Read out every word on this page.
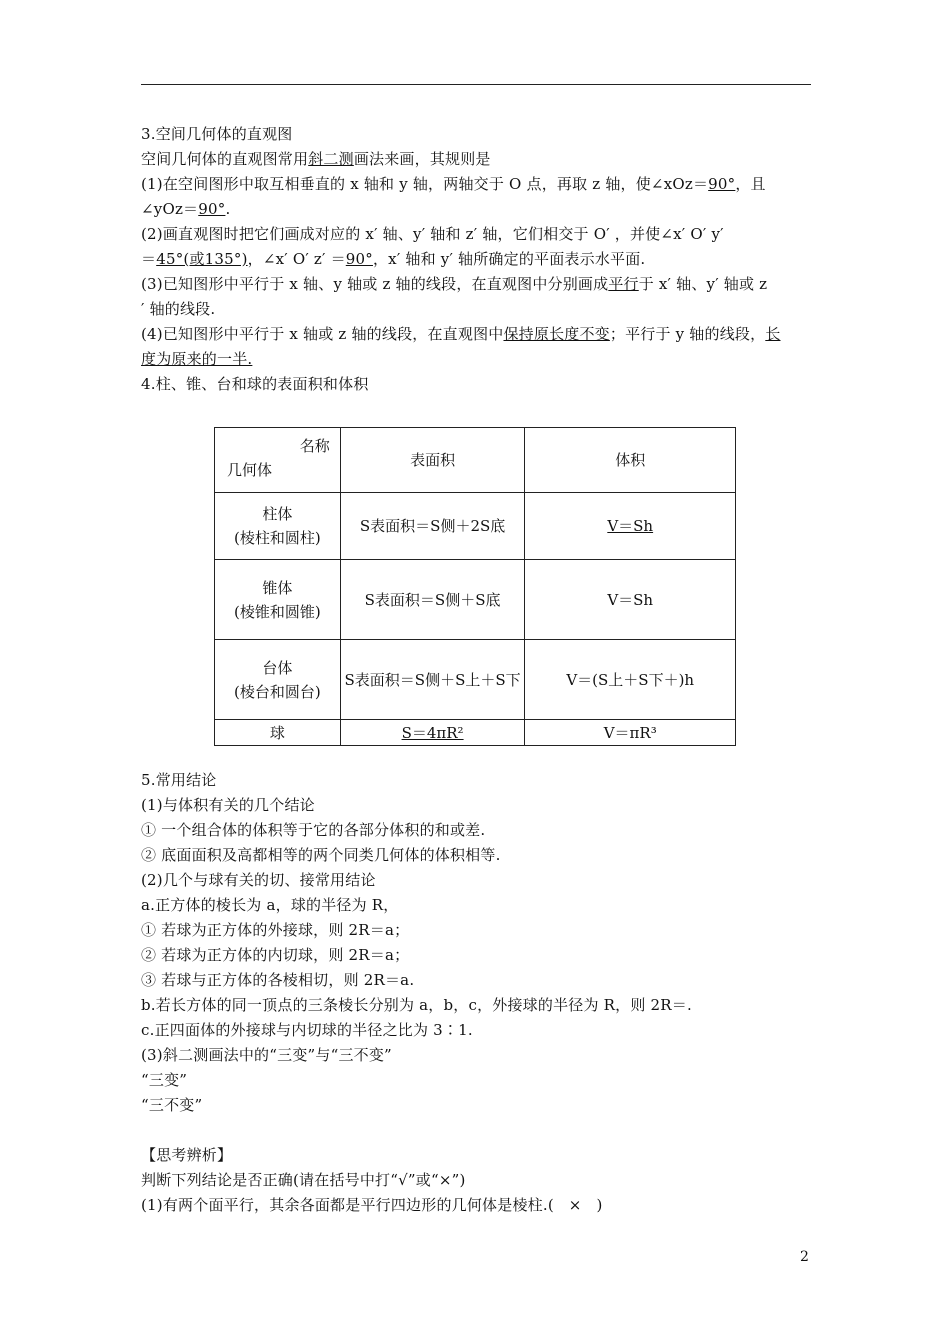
3.空间几何体的直观图
空间几何体的直观图常用斜二测画法来画，其规则是
(1)在空间图形中取互相垂直的 x 轴和 y 轴，两轴交于 O 点，再取 z 轴，使∠xOz＝90°，且
∠yOz＝90°.
(2)画直观图时把它们画成对应的 x′ 轴、y′ 轴和 z′ 轴，它们相交于 O′ ，并使∠x′ O′ y′
＝45°(或135°)，∠x′ O′ z′ ＝90°，x′ 轴和 y′ 轴所确定的平面表示水平面.
(3)已知图形中平行于 x 轴、y 轴或 z 轴的线段，在直观图中分别画成平行于 x′ 轴、y′ 轴或 z
′ 轴的线段.
(4)已知图形中平行于 x 轴或 z 轴的线段，在直观图中保持原长度不变；平行于 y 轴的线段，长
度为原来的一半.
4.柱、锥、台和球的表面积和体积
名称
几何体	表面积	体积

柱体
(棱柱和圆柱)	S表面积＝S侧＋2S底	V＝Sh

锥体
(棱锥和圆锥)	S表面积＝S侧＋S底	V＝Sh

台体
(棱台和圆台)	S表面积＝S侧＋S上＋S下	V＝(S上＋S下＋)h

球	S＝4πR²	V＝πR³
5.常用结论
(1)与体积有关的几个结论
① 一个组合体的体积等于它的各部分体积的和或差.
② 底面面积及高都相等的两个同类几何体的体积相等.
(2)几个与球有关的切、接常用结论
a.正方体的棱长为 a，球的半径为 R，
① 若球为正方体的外接球，则 2R＝a；
② 若球为正方体的内切球，则 2R＝a；
③ 若球与正方体的各棱相切，则 2R＝a.
b.若长方体的同一顶点的三条棱长分别为 a，b，c，外接球的半径为 R，则 2R＝.
c.正四面体的外接球与内切球的半径之比为 3∶1.
(3)斜二测画法中的“三变”与“三不变”
“三变”
“三不变”
【思考辨析】
判断下列结论是否正确(请在括号中打“√”或“×”)
(1)有两个面平行，其余各面都是平行四边形的几何体是棱柱.(   ×   )
2
